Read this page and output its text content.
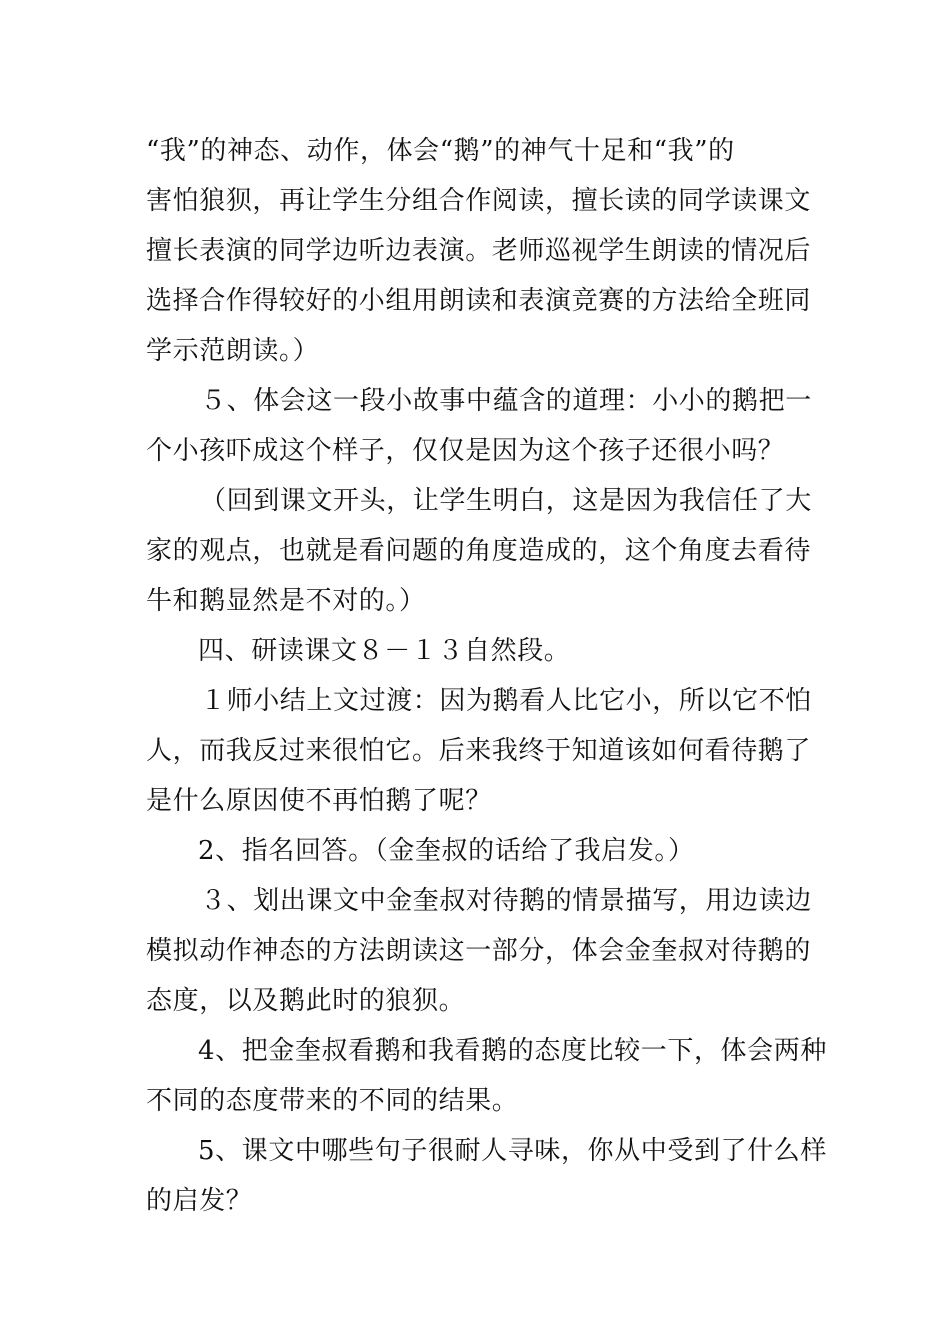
“我”的神态、动作，体会“鹅”的神气十足和“我”的
害怕狼狈，再让学生分组合作阅读，擅长读的同学读课文
擅长表演的同学边听边表演。老师巡视学生朗读的情况后
选择合作得较好的小组用朗读和表演竞赛的方法给全班同
学示范朗读。）
５、体会这一段小故事中蕴含的道理：小小的鹅把一
个小孩吓成这个样子，仅仅是因为这个孩子还很小吗？
（回到课文开头，让学生明白，这是因为我信任了大
家的观点，也就是看问题的角度造成的，这个角度去看待
牛和鹅显然是不对的。）
四、研读课文８－１３自然段。
１师小结上文过渡：因为鹅看人比它小，所以它不怕
人，而我反过来很怕它。后来我终于知道该如何看待鹅了
是什么原因使不再怕鹅了呢？
2、指名回答。（金奎叔的话给了我启发。）
３、划出课文中金奎叔对待鹅的情景描写，用边读边
模拟动作神态的方法朗读这一部分，体会金奎叔对待鹅的
态度，以及鹅此时的狼狈。
4、把金奎叔看鹅和我看鹅的态度比较一下，体会两种
不同的态度带来的不同的结果。
5、课文中哪些句子很耐人寻味，你从中受到了什么样
的启发？
